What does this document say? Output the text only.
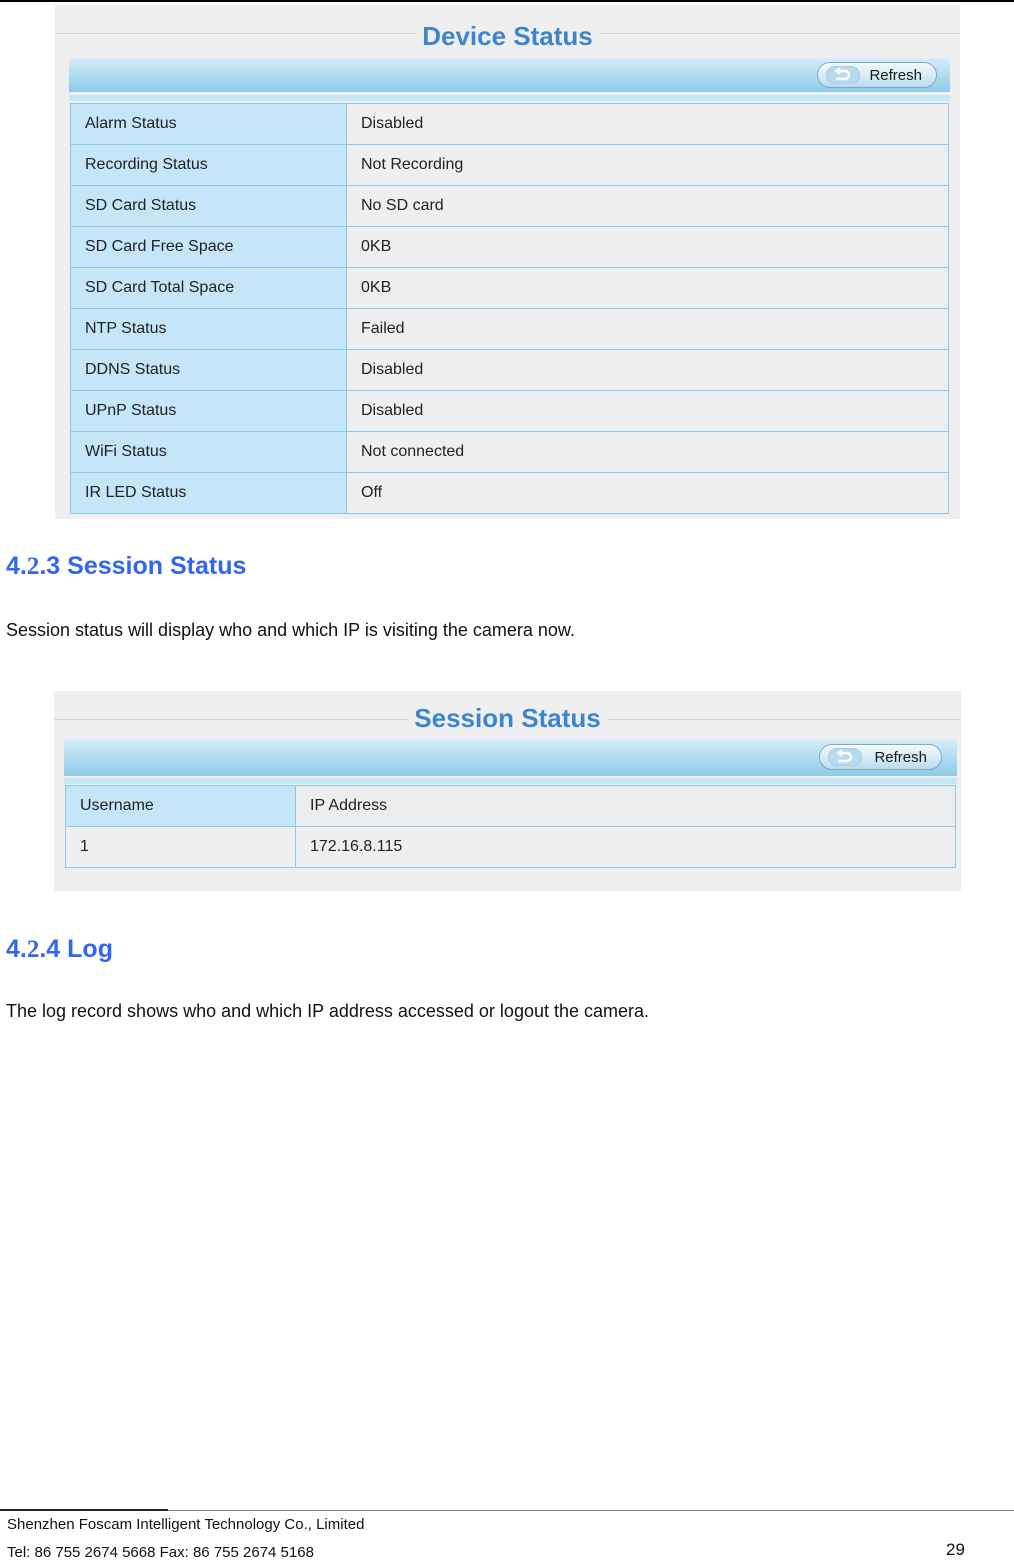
Device Status
Refresh
Alarm Status	Disabled
Recording Status	Not Recording
SD Card Status	No SD card
SD Card Free Space	0KB
SD Card Total Space	0KB
NTP Status	Failed
DDNS Status	Disabled
UPnP Status	Disabled
WiFi Status	Not connected
IR LED Status	Off
4.2.3 Session Status
Session status will display who and which IP is visiting the camera now.
Session Status
Refresh
Username	IP Address
1	172.16.8.115
4.2.4 Log
The log record shows who and which IP address accessed or logout the camera.
Shenzhen Foscam Intelligent Technology Co., Limited
Tel: 86 755 2674 5668 Fax: 86 755 2674 5168	29
